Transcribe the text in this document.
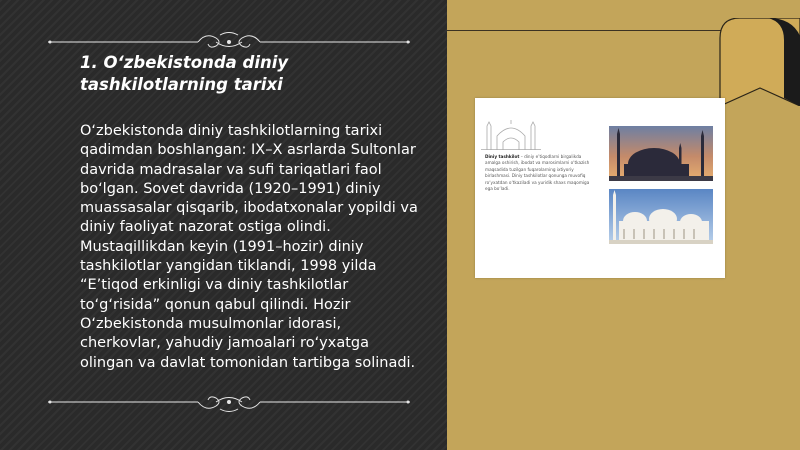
1. O‘zbekistonda diniy tashkilotlarning tarixi

O‘zbekistonda diniy tashkilotlarning tarixi qadimdan boshlangan: IX–X asrlarda Sultonlar davrida madrasalar va sufi tariqatlari faol bo‘lgan. Sovet davrida (1920–1991) diniy muassasalar qisqarib, ibodatxonalar yopildi va diniy faoliyat nazorat ostiga olindi. Mustaqillikdan keyin (1991–hozir) diniy tashkilotlar yangidan tiklandi, 1998 yilda “E’tiqod erkinligi va diniy tashkilotlar to‘g‘risida” qonun qabul qilindi. Hozir O‘zbekistonda musulmonlar idorasi, cherkovlar, yahudiy jamoalari ro‘yxatga olingan va davlat tomonidan tartibga solinadi.

Diniy tashkilot – diniy e’tiqodlarni birgalikda amalga oshirish, ibodat va marosimlarni o‘tkazish maqsadida tuzilgan fuqarolarning ixtiyoriy birlashmasi. Diniy tashkilotlar qonunga muvofiq ro‘yxatdan o‘tkaziladi va yuridik shaxs maqomiga ega bo‘ladi.
